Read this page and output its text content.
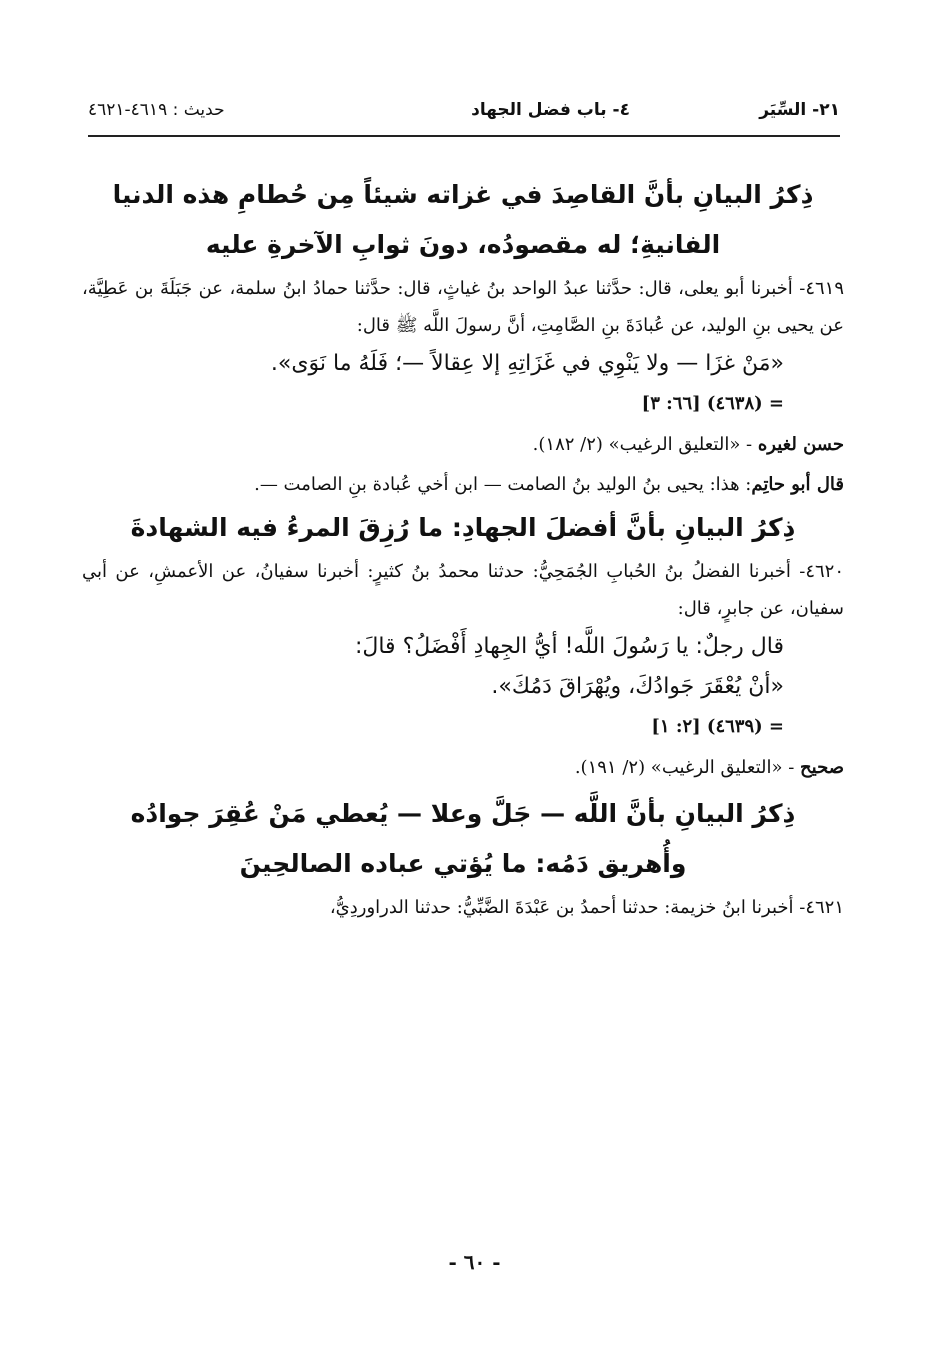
٢١- السِّيَر
٤- باب فضل الجهاد
حديث : ٤٦١٩-٤٦٢١
ذِكرُ البيانِ بأنَّ القاصِدَ في غزاته شيئاً مِن حُطامِ هذه الدنيا
الفانيةِ؛ له مقصودُه، دونَ ثوابِ الآخرةِ عليه

٤٦١٩- أخبرنا أبو يعلى، قال: حدَّثنا عبدُ الواحد بنُ غياثٍ، قال: حدَّثنا حمادُ ابنُ سلمة، عن جَبَلَةَ بن عَطِيَّة، عن يحيى بنِ الوليد، عن عُبادَةَ بنِ الصَّامِتِ، أنَّ رسولَ اللَّه ﷺ قال:

«مَنْ غزَا — ولا يَنْوِي في غَزَاتِهِ إلا عِقالاً —؛ فَلَهُ ما نَوَى».
= (٤٦٣٨) [٦٦: ٣]
حسن لغيره - «التعليق الرغيب» (٢/ ١٨٢).

قال أبو حاتِم: هذا: يحيى بنُ الوليد بنُ الصامت — ابن أخي عُبادة بنِ الصامت —.

ذِكرُ البيانِ بأنَّ أفضلَ الجهادِ: ما رُزِقَ المرءُ فيه الشهادةَ

٤٦٢٠- أخبرنا الفضلُ بنُ الحُبابِ الجُمَحِيُّ: حدثنا محمدُ بنُ كثيرٍ: أخبرنا سفيانُ، عن الأعمشِ، عن أبي سفيان، عن جابرٍ، قال:

قال رجلٌ: يا رَسُولَ اللَّه! أيُّ الجِهادِ أَفْضَلُ؟ قالَ:
«أنْ يُعْقَرَ جَوادُكَ، ويُهْرَاقَ دَمُكَ».
= (٤٦٣٩) [٢: ١]
صحيح - «التعليق الرغيب» (٢/ ١٩١).
ذِكرُ البيانِ بأنَّ اللَّه — جَلَّ وعلا — يُعطي مَنْ عُقِرَ جوادُه
وأُهريق دَمُه: ما يُؤتي عباده الصالحِينَ

٤٦٢١- أخبرنا ابنُ خزيمة: حدثنا أحمدُ بن عَبْدَةَ الضَّبِّيُّ: حدثنا الدراوردِيُّ،

- ٦٠ -
